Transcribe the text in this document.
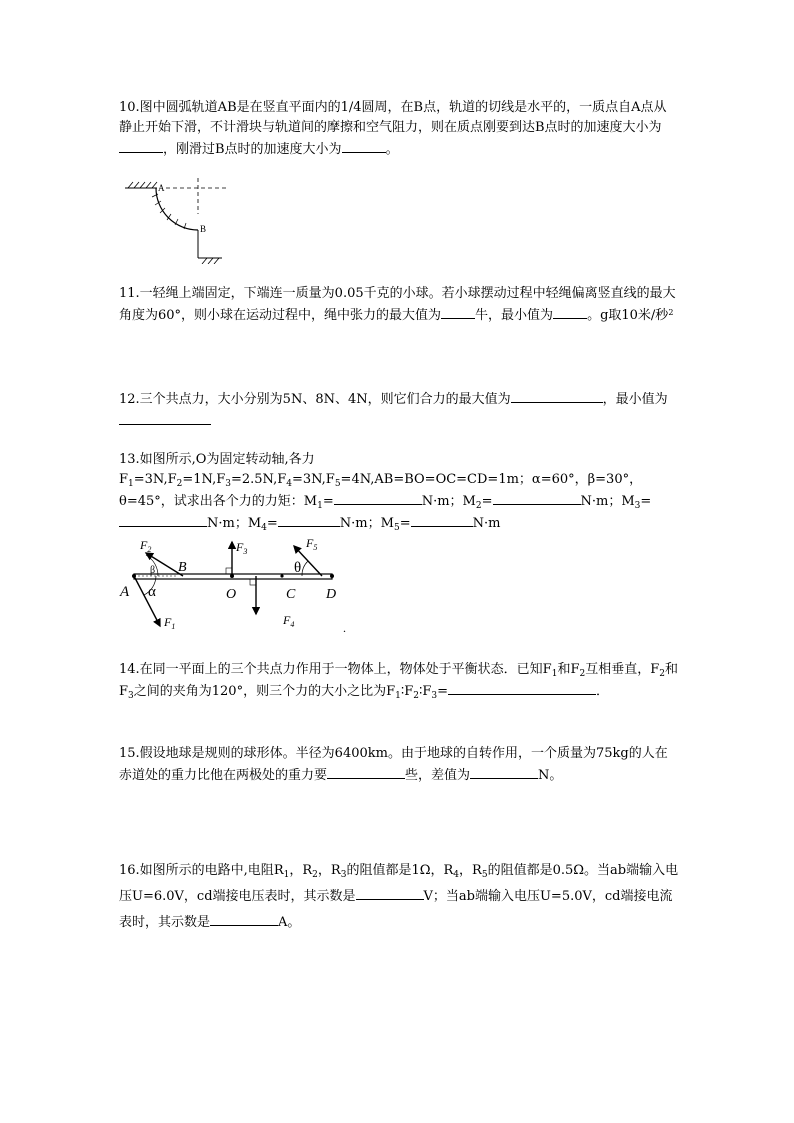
10.图中圆弧轨道AB是在竖直平面内的1/4圆周，在B点，轨道的切线是水平的，一质点自A点从静止开始下滑，不计滑块与轨道间的摩擦和空气阻力，则在质点刚要到达B点时的加速度大小为，刚滑过B点时的加速度大小为	。
A
B
11.一轻绳上端固定，下端连一质量为0.05千克的小球。若小球摆动过程中轻绳偏离竖直线的最大角度为60°，则小球在运动过程中，绳中张力的最大值为	牛，最小值为	。g取10米/秒$^2$
12.三个共点力，大小分别为5N、8N、4N，则它们合力的最大值为	，最小值为
13.如图所示,O为固定转动轴,各力$F_1=3N,F_2=1N,F_3=2.5N,F_4=3N,F_5=4N,AB=BO=OC=CD=1m$；α=60°，β=30°，θ=45°，试求出各个力的力矩：$M_1=$	N·m；$M_2=$	N·m；$M_3=N\cdot m$；$M_4=$	N·m；$M_5=$	N·m
A
B
O	C D
β
α
θ
$F_2$
$F_1$
$F_3$
$F_4$
$F_5$
.
14.在同一平面上的三个共点力作用于一物体上，物体处于平衡状态．已知$F_1$和$F_2$互相垂直，$F_2$和$F_3$之间的夹角为120°，则三个力的大小之比为$F_1∶F_2∶F_3=$	．
15.假设地球是规则的球形体。半径为6400km。由于地球的自转作用，一个质量为75kg的人在赤道处的重力比他在两极处的重力要	些，差值为	N。
16.如图所示的电路中,电阻$R_1$，$R_2$，$R_3$的阻值都是1Ω，$R_4$，$R_5$的阻值都是0.5Ω。当ab端输入电压U=6.0V，cd端接电压表时，其示数是	V；当ab端输入电压U=5.0V，cd端接电流表时，其示数是	A。
